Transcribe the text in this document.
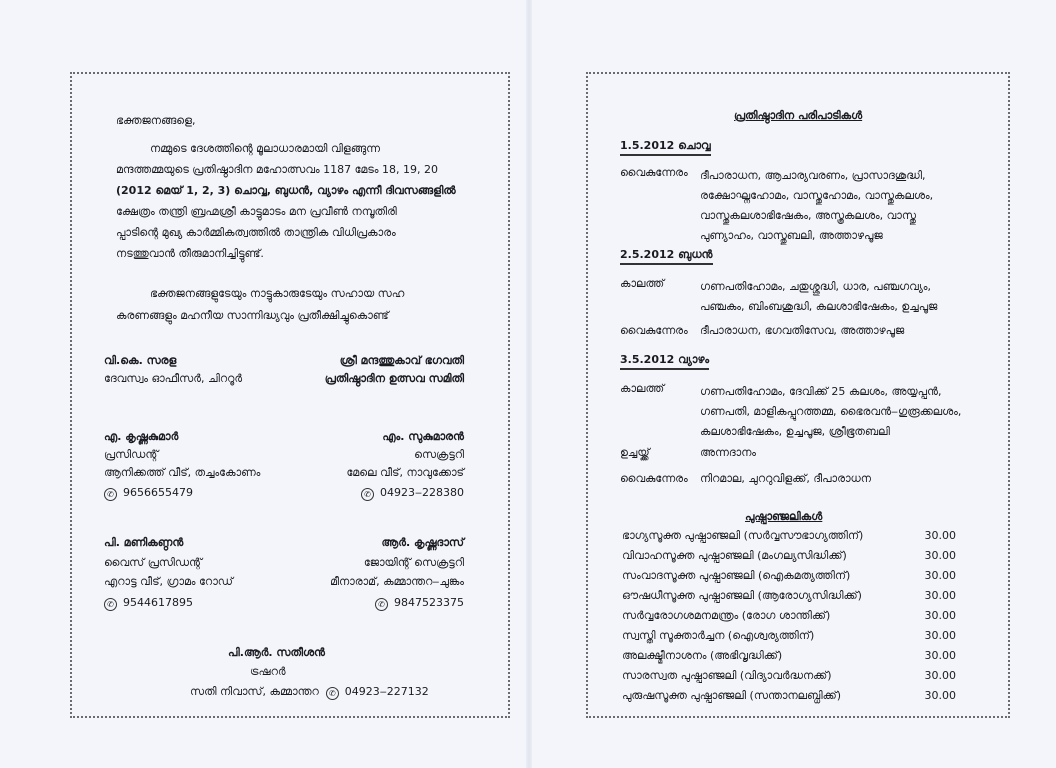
ഭക്തജനങ്ങളെ,

നമ്മുടെ ദേശത്തിന്റെ മൂലാധാരമായി വിളങ്ങുന്ന

മന്ദത്തമ്മയുടെ പ്രതിഷ്ഠാദിന മഹോത്സവം 1187 മേടം 18, 19, 20

(2012 മെയ് 1, 2, 3) ചൊവ്വ, ബുധൻ, വ്യാഴം എന്നീ ദിവസങ്ങളിൽ

ക്ഷേത്രം തന്ത്രി ബ്രഹ്മശ്രീ കാട്ടുമാടം മന പ്രവീൺ നമ്പൂതിരി

പ്പാടിന്റെ മുഖ്യ കാർമ്മികത്വത്തിൽ താന്ത്രിക വിധിപ്രകാരം

നടത്തുവാൻ തീരുമാനിച്ചിട്ടുണ്ട്.

ഭക്തജനങ്ങളുടേയും നാട്ടുകാരുടേയും സഹായ സഹ

കരണങ്ങളും മഹനീയ സാന്നിദ്ധ്യവും പ്രതീക്ഷിച്ചുകൊണ്ട്

വി.കെ. സരള
ദേവസ്വം ഓഫീസർ, ചിററൂർ
ശ്രീ മന്ദത്തുകാവ് ഭഗവതി
പ്രതിഷ്ഠാദിന ഉത്സവ സമിതി
എ. കൃഷ്ണകുമാർ
പ്രസിഡന്റ്
ആനിക്കത്ത് വീട്, തച്ചംകോണം
✆ 9656655479
എം. സുകുമാരൻ
സെക്രട്ടറി
മേലെ വീട്, നാവുക്കോട്
✆ 04923‒228380
പി. മണികണ്ഠൻ
വൈസ് പ്രസിഡന്റ്
എറാട്ട വീട്, ഗ്രാമം റോഡ്
✆ 9544617895
ആർ. കൃഷ്ണദാസ്
ജോയിന്റ് സെക്രട്ടറി
മീനാരാമ്, കമ്മാന്തറ‒ചുങ്കം
✆ 9847523375
പി.ആർ. സതീശൻ
ട്രഷറർ
സതി നിവാസ്, കമ്മാന്തറ ✆ 04923‒227132
പ്രതിഷ്ഠാദിന പരിപാടികൾ
1.5.2012 ചൊവ്വ
വൈകുന്നേരം ദീപാരാധന, ആചാര്യവരണം, പ്രാസാദശുദ്ധി,
രക്ഷോഘ്നഹോമം, വാസ്തുഹോമം, വാസ്തുകലശം,
വാസ്തുകലശാഭിഷേകം, അസ്ത്രകലശം, വാസ്തു
പുണ്യാഹം, വാസ്തുബലി, അത്താഴപൂജ
2.5.2012 ബുധൻ
കാലത്ത്	ഗണപതിഹോമം, ചതുശ്ശുദ്ധി, ധാര, പഞ്ചഗവ്യം,
പഞ്ചകം, ബിംബശുദ്ധി, കലശാഭിഷേകം, ഉച്ചപൂജ
വൈകുന്നേരം ദീപാരാധന, ഭഗവതിസേവ, അത്താഴപൂജ
3.5.2012 വ്യാഴം
കാലത്ത്	ഗണപതിഹോമം, ദേവിക്ക് 25 കലശം, അയ്യപ്പൻ,
ഗണപതി, മാളികപ്പുറത്തമ്മ, ഭൈരവൻ‒ഗുരൂക്കലശം,
കലശാഭിഷേകം, ഉച്ചപൂജ, ശ്രീഭൂതബലി
ഉച്ചയ്ക്ക്	അന്നദാനം
വൈകുന്നേരം നിറമാല, ചുററുവിളക്ക്, ദീപാരാധന
പുഷ്പാഞ്ജലികൾ
ഭാഗ്യസൂക്ത പുഷ്പാഞ്ജലി (സർവ്വസൗഭാഗ്യത്തിന്)	30.00
വിവാഹസൂക്ത പുഷ്പാഞ്ജലി (മംഗല്യസിദ്ധിക്ക്)	30.00
സംവാദസൂക്ത പുഷ്പാഞ്ജലി (ഐകമത്യത്തിന്)	30.00
ഔഷധീസൂക്ത പുഷ്പാഞ്ജലി (ആരോഗ്യസിദ്ധിക്ക്)	30.00
സർവ്വരോഗശമനമന്ത്രം (രോഗ ശാന്തിക്ക്)	30.00
സ്വസ്തി സൂക്താർച്ചന (ഐശ്വര്യത്തിന്)	30.00
അലക്ഷ്മീനാശനം (അഭിവൃദ്ധിക്ക്)	30.00
സാരസ്വത പുഷ്പാഞ്ജലി (വിദ്യാവർദ്ധനക്ക്)	30.00
പുരുഷസൂക്ത പുഷ്പാഞ്ജലി (സന്താനലബ്ധിക്ക്)	30.00
